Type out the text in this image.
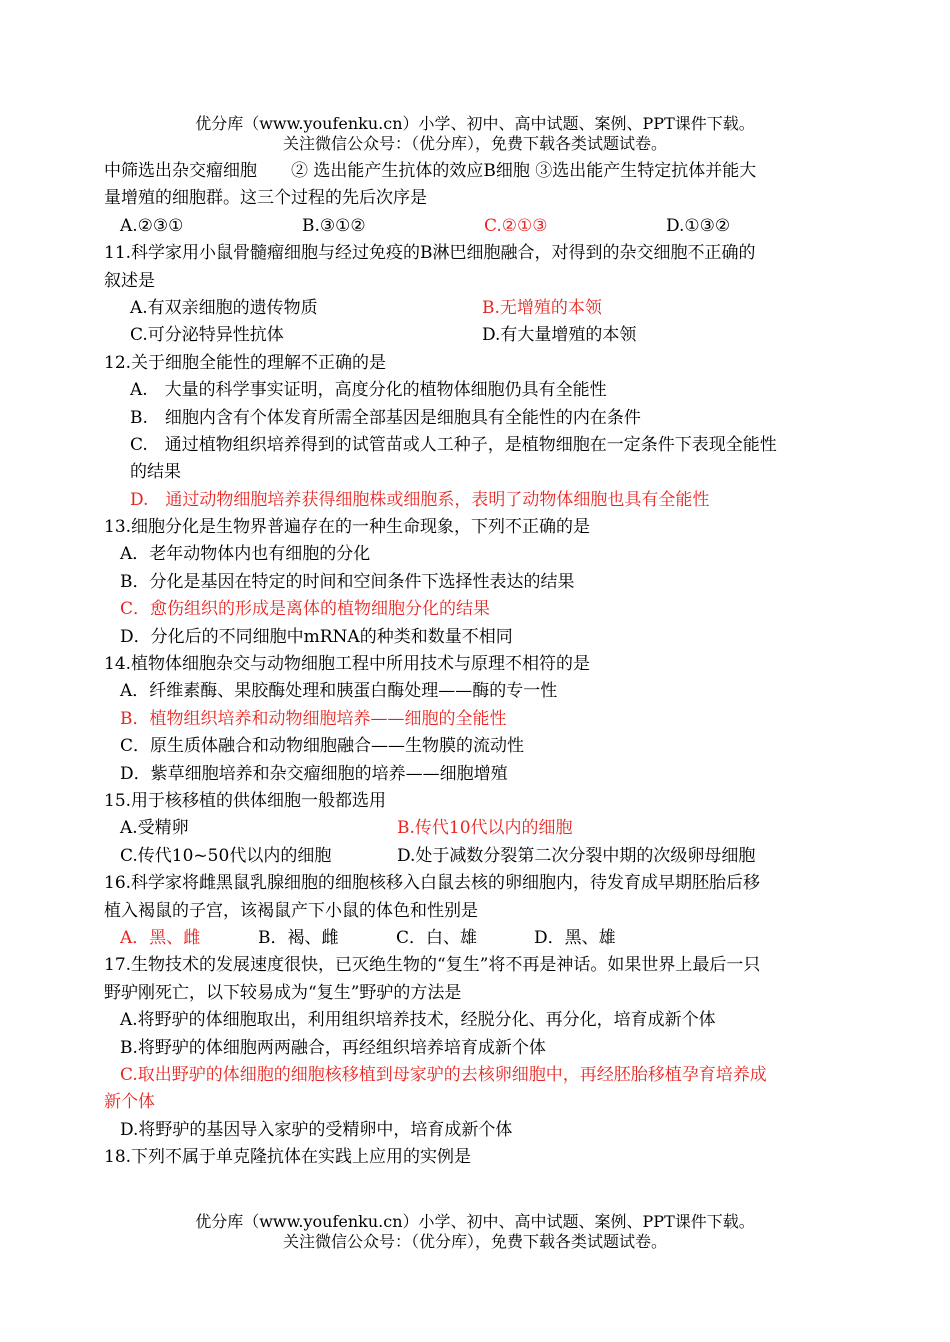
优分库（www.youfenku.cn）小学、初中、高中试题、案例、PPT课件下载。
关注微信公众号：（优分库），免费下载各类试题试卷。
中筛选出杂交瘤细胞　　② 选出能产生抗体的效应B细胞 ③选出能产生特定抗体并能大
量增殖的细胞群。这三个过程的先后次序是
A.②③①	B.③①②	C.②①③	D.①③②
11.科学家用小鼠骨髓瘤细胞与经过免疫的B淋巴细胞融合，对得到的杂交细胞不正确的
叙述是
A.有双亲细胞的遗传物质	B.无增殖的本领
C.可分泌特异性抗体	D.有大量增殖的本领
12.关于细胞全能性的理解不正确的是
A.　大量的科学事实证明，高度分化的植物体细胞仍具有全能性
B.　细胞内含有个体发育所需全部基因是细胞具有全能性的内在条件
C.　通过植物组织培养得到的试管苗或人工种子，是植物细胞在一定条件下表现全能性
的结果
D.　通过动物细胞培养获得细胞株或细胞系，表明了动物体细胞也具有全能性
13.细胞分化是生物界普遍存在的一种生命现象，下列不正确的是
A．老年动物体内也有细胞的分化
B．分化是基因在特定的时间和空间条件下选择性表达的结果
C．愈伤组织的形成是离体的植物细胞分化的结果
D．分化后的不同细胞中mRNA的种类和数量不相同
14.植物体细胞杂交与动物细胞工程中所用技术与原理不相符的是
A．纤维素酶、果胶酶处理和胰蛋白酶处理——酶的专一性
B．植物组织培养和动物细胞培养——细胞的全能性
C．原生质体融合和动物细胞融合——生物膜的流动性
D．紫草细胞培养和杂交瘤细胞的培养——细胞增殖
15.用于核移植的供体细胞一般都选用
A.受精卵	B.传代10代以内的细胞
C.传代10~50代以内的细胞	D.处于减数分裂第二次分裂中期的次级卵母细胞
16.科学家将雌黑鼠乳腺细胞的细胞核移入白鼠去核的卵细胞内，待发育成早期胚胎后移
植入褐鼠的子宫，该褐鼠产下小鼠的体色和性别是
A．黑、雌	B．褐、雌	C．白、雄	D．黑、雄
17.生物技术的发展速度很快，已灭绝生物的“复生”将不再是神话。如果世界上最后一只
野驴刚死亡，以下较易成为“复生”野驴的方法是
A.将野驴的体细胞取出，利用组织培养技术，经脱分化、再分化，培育成新个体
B.将野驴的体细胞两两融合，再经组织培养培育成新个体
C.取出野驴的体细胞的细胞核移植到母家驴的去核卵细胞中，再经胚胎移植孕育培养成
新个体
D.将野驴的基因导入家驴的受精卵中，培育成新个体
18.下列不属于单克隆抗体在实践上应用的实例是
优分库（www.youfenku.cn）小学、初中、高中试题、案例、PPT课件下载。
关注微信公众号：（优分库），免费下载各类试题试卷。
